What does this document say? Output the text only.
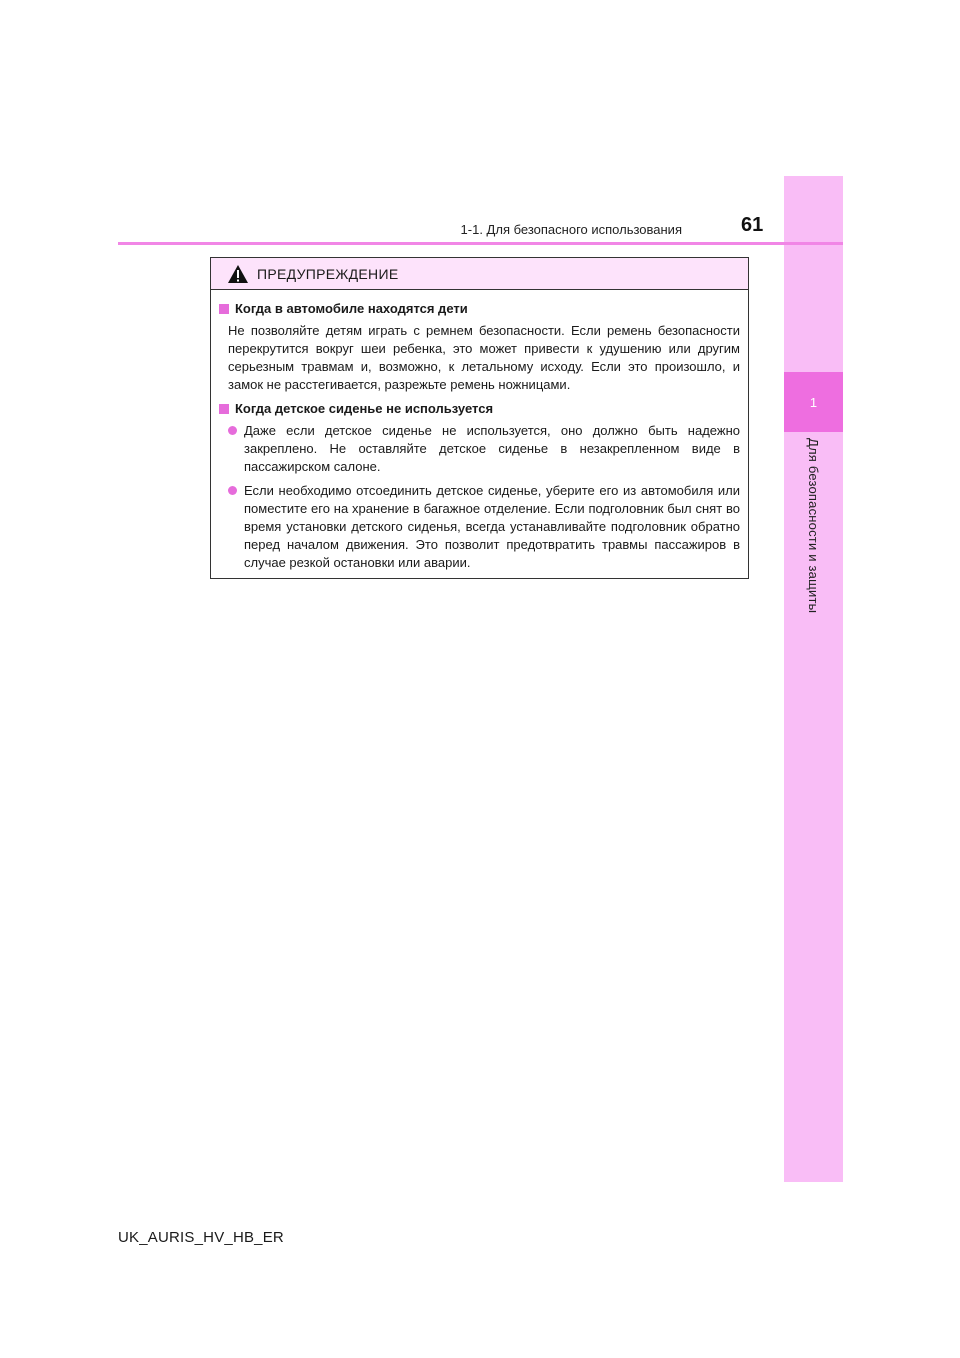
1
Для безопасности и защиты
1-1. Для безопасного использования	61
ПРЕДУПРЕЖДЕНИЕ
Когда в автомобиле находятся дети
Не позволяйте детям играть с ремнем безопасности. Если ремень безопасности перекрутится вокруг шеи ребенка, это может привести к удушению или другим серьезным травмам и, возможно, к летальному исходу. Если это произошло, и замок не расстегивается, разрежьте ремень ножницами.
Когда детское сиденье не используется
Даже если детское сиденье не используется, оно должно быть надежно закреплено. Не оставляйте детское сиденье в незакрепленном виде в пассажирском салоне.
Если необходимо отсоединить детское сиденье, уберите его из автомобиля или поместите его на хранение в багажное отделение. Если подголовник был снят во время установки детского сиденья, всегда устанавливайте подголовник обратно перед началом движения. Это позволит предотвратить травмы пассажиров в случае резкой остановки или аварии.
UK_AURIS_HV_HB_ER
